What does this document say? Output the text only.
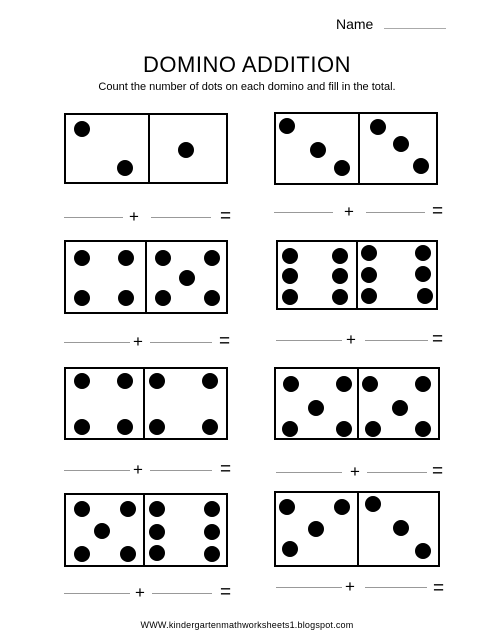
Name
DOMINO ADDITION
Count the number of dots on each domino and fill in the total.
+	=	+	=
+	=	+	=
+	=	+	=
+	=	+	=
WWW.kindergartenmathworksheets1.blogspot.com
